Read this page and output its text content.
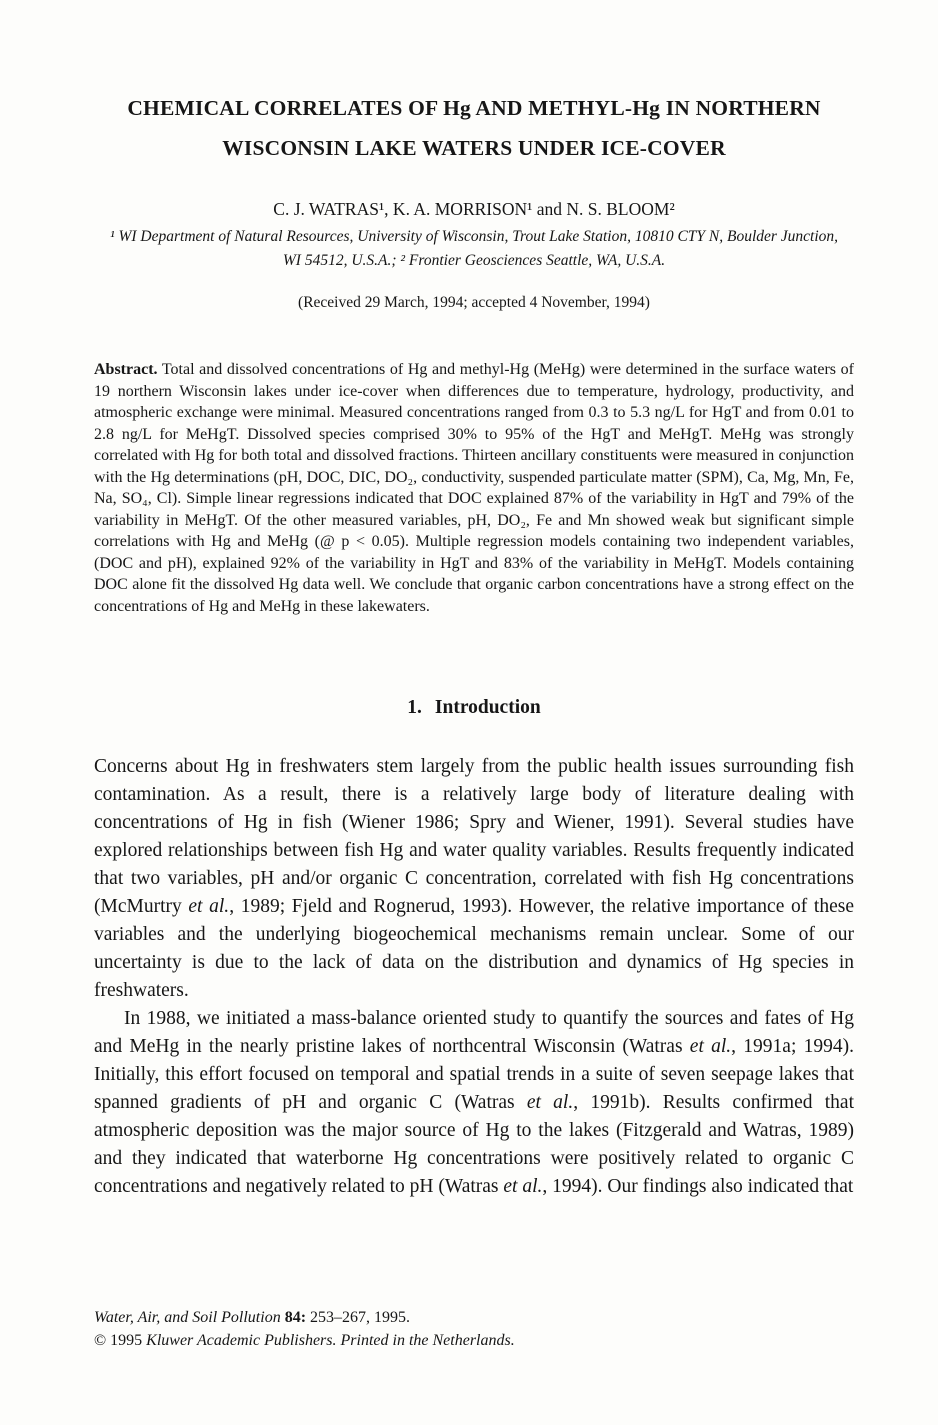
CHEMICAL CORRELATES OF Hg AND METHYL-Hg IN NORTHERN WISCONSIN LAKE WATERS UNDER ICE-COVER
C. J. WATRAS¹, K. A. MORRISON¹ and N. S. BLOOM²
¹ WI Department of Natural Resources, University of Wisconsin, Trout Lake Station, 10810 CTY N, Boulder Junction, WI 54512, U.S.A.; ² Frontier Geosciences Seattle, WA, U.S.A.
(Received 29 March, 1994; accepted 4 November, 1994)

Abstract. Total and dissolved concentrations of Hg and methyl-Hg (MeHg) were determined in the surface waters of 19 northern Wisconsin lakes under ice-cover when differences due to temperature, hydrology, productivity, and atmospheric exchange were minimal. Measured concentrations ranged from 0.3 to 5.3 ng/L for HgT and from 0.01 to 2.8 ng/L for MeHgT. Dissolved species comprised 30% to 95% of the HgT and MeHgT. MeHg was strongly correlated with Hg for both total and dissolved fractions. Thirteen ancillary constituents were measured in conjunction with the Hg determinations (pH, DOC, DIC, DO₂, conductivity, suspended particulate matter (SPM), Ca, Mg, Mn, Fe, Na, SO₄, Cl). Simple linear regressions indicated that DOC explained 87% of the variability in HgT and 79% of the variability in MeHgT. Of the other measured variables, pH, DO₂, Fe and Mn showed weak but significant simple correlations with Hg and MeHg (@ p < 0.05). Multiple regression models containing two independent variables, (DOC and pH), explained 92% of the variability in HgT and 83% of the variability in MeHgT. Models containing DOC alone fit the dissolved Hg data well. We conclude that organic carbon concentrations have a strong effect on the concentrations of Hg and MeHg in these lakewaters.

1. Introduction

Concerns about Hg in freshwaters stem largely from the public health issues surrounding fish contamination. As a result, there is a relatively large body of literature dealing with concentrations of Hg in fish (Wiener 1986; Spry and Wiener, 1991). Several studies have explored relationships between fish Hg and water quality variables. Results frequently indicated that two variables, pH and/or organic C concentration, correlated with fish Hg concentrations (McMurtry et al., 1989; Fjeld and Rognerud, 1993). However, the relative importance of these variables and the underlying biogeochemical mechanisms remain unclear. Some of our uncertainty is due to the lack of data on the distribution and dynamics of Hg species in freshwaters.

In 1988, we initiated a mass-balance oriented study to quantify the sources and fates of Hg and MeHg in the nearly pristine lakes of northcentral Wisconsin (Watras et al., 1991a; 1994). Initially, this effort focused on temporal and spatial trends in a suite of seven seepage lakes that spanned gradients of pH and organic C (Watras et al., 1991b). Results confirmed that atmospheric deposition was the major source of Hg to the lakes (Fitzgerald and Watras, 1989) and they indicated that waterborne Hg concentrations were positively related to organic C concentrations and negatively related to pH (Watras et al., 1994). Our findings also indicated that

Water, Air, and Soil Pollution 84: 253–267, 1995.
© 1995 Kluwer Academic Publishers. Printed in the Netherlands.
